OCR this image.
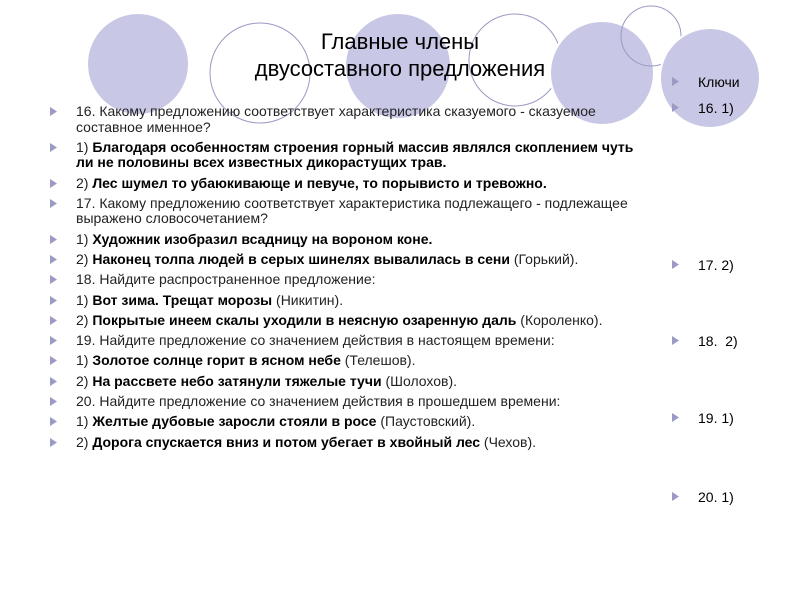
Главные члены
двусоставного предложения
16. Какому предложению соответствует характеристика сказуемого - сказуемое составное именное?
1) Благодаря особенностям строения горный массив являлся скоплением чуть ли не половины всех известных дикорастущих трав.
2) Лес шумел то убаюкивающе и певуче, то порывисто и тревожно.
17. Какому предложению соответствует характеристика подлежащего - подлежащее выражено словосочетанием?
1) Художник изобразил всадницу на вороном коне.
2) Наконец толпа людей в серых шинелях вывалилась в сени (Горький).
18. Найдите распространенное предложение:
1) Вот зима. Трещат морозы (Никитин).
2) Покрытые инеем скалы уходили в неясную озаренную даль (Короленко).
19. Найдите предложение со значением действия в настоящем времени:
1) Золотое солнце горит в ясном небе (Телешов).
2) На рассвете небо затянули тяжелые тучи (Шолохов).
20. Найдите предложение со значением действия в прошедшем времени:
1) Желтые дубовые заросли стояли в росе (Паустовский).
2) Дорога спускается вниз и потом убегает в хвойный лес (Чехов).
Ключи
16. 1)
17. 2)
18.  2)
19. 1)
20. 1)
